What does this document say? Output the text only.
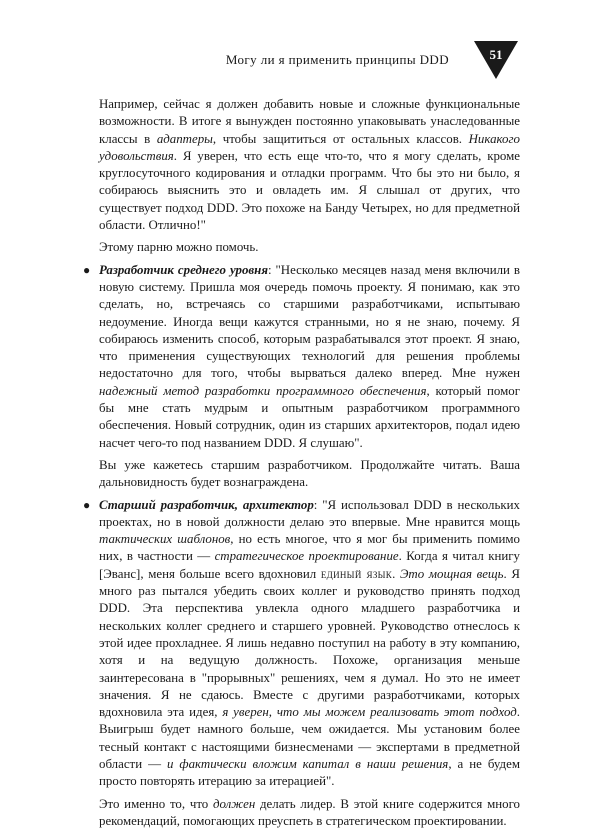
Могу ли я применить принципы DDD	51

Например, сейчас я должен добавить новые и сложные функциональные возможности. В итоге я вынужден постоянно упаковывать унаследованные классы в адаптеры, чтобы защититься от остальных классов. Никакого удовольствия. Я уверен, что есть еще что-то, что я могу сделать, кроме круглосуточного кодирования и отладки программ. Что бы это ни было, я собираюсь выяснить это и овладеть им. Я слышал от других, что существует подход DDD. Это похоже на Банду Четырех, но для предметной области. Отлично!"

Этому парню можно помочь.

● Разработчик среднего уровня: "Несколько месяцев назад меня включили в новую систему. Пришла моя очередь помочь проекту. Я понимаю, как это сделать, но, встречаясь со старшими разработчиками, испытываю недоумение. Иногда вещи кажутся странными, но я не знаю, почему. Я собираюсь изменить способ, которым разрабатывался этот проект. Я знаю, что применения существующих технологий для решения проблемы недостаточно для того, чтобы вырваться далеко вперед. Мне нужен надежный метод разработки программного обеспечения, который помог бы мне стать мудрым и опытным разработчиком программного обеспечения. Новый сотрудник, один из старших архитекторов, подал идею насчет чего-то под названием DDD. Я слушаю".

Вы уже кажетесь старшим разработчиком. Продолжайте читать. Ваша дальновидность будет вознаграждена.

● Старший разработчик, архитектор: "Я использовал DDD в нескольких проектах, но в новой должности делаю это впервые. Мне нравится мощь тактических шаблонов, но есть многое, что я мог бы применить помимо них, в частности — стратегическое проектирование. Когда я читал книгу [Эванс], меня больше всего вдохновил единый язык. Это мощная вещь. Я много раз пытался убедить своих коллег и руководство принять подход DDD. Эта перспектива увлекла одного младшего разработчика и нескольких коллег среднего и старшего уровней. Руководство отнеслось к этой идее прохладнее. Я лишь недавно поступил на работу в эту компанию, хотя и на ведущую должность. Похоже, организация меньше заинтересована в "прорывных" решениях, чем я думал. Но это не имеет значения. Я не сдаюсь. Вместе с другими разработчиками, которых вдохновила эта идея, я уверен, что мы можем реализовать этот подход. Выигрыш будет намного больше, чем ожидается. Мы установим более тесный контакт с настоящими бизнесменами — экспертами в предметной области — и фактически вложим капитал в наши решения, а не будем просто повторять итерацию за итерацией".

Это именно то, что должен делать лидер. В этой книге содержится много рекомендаций, помогающих преуспеть в стратегическом проектировании.
